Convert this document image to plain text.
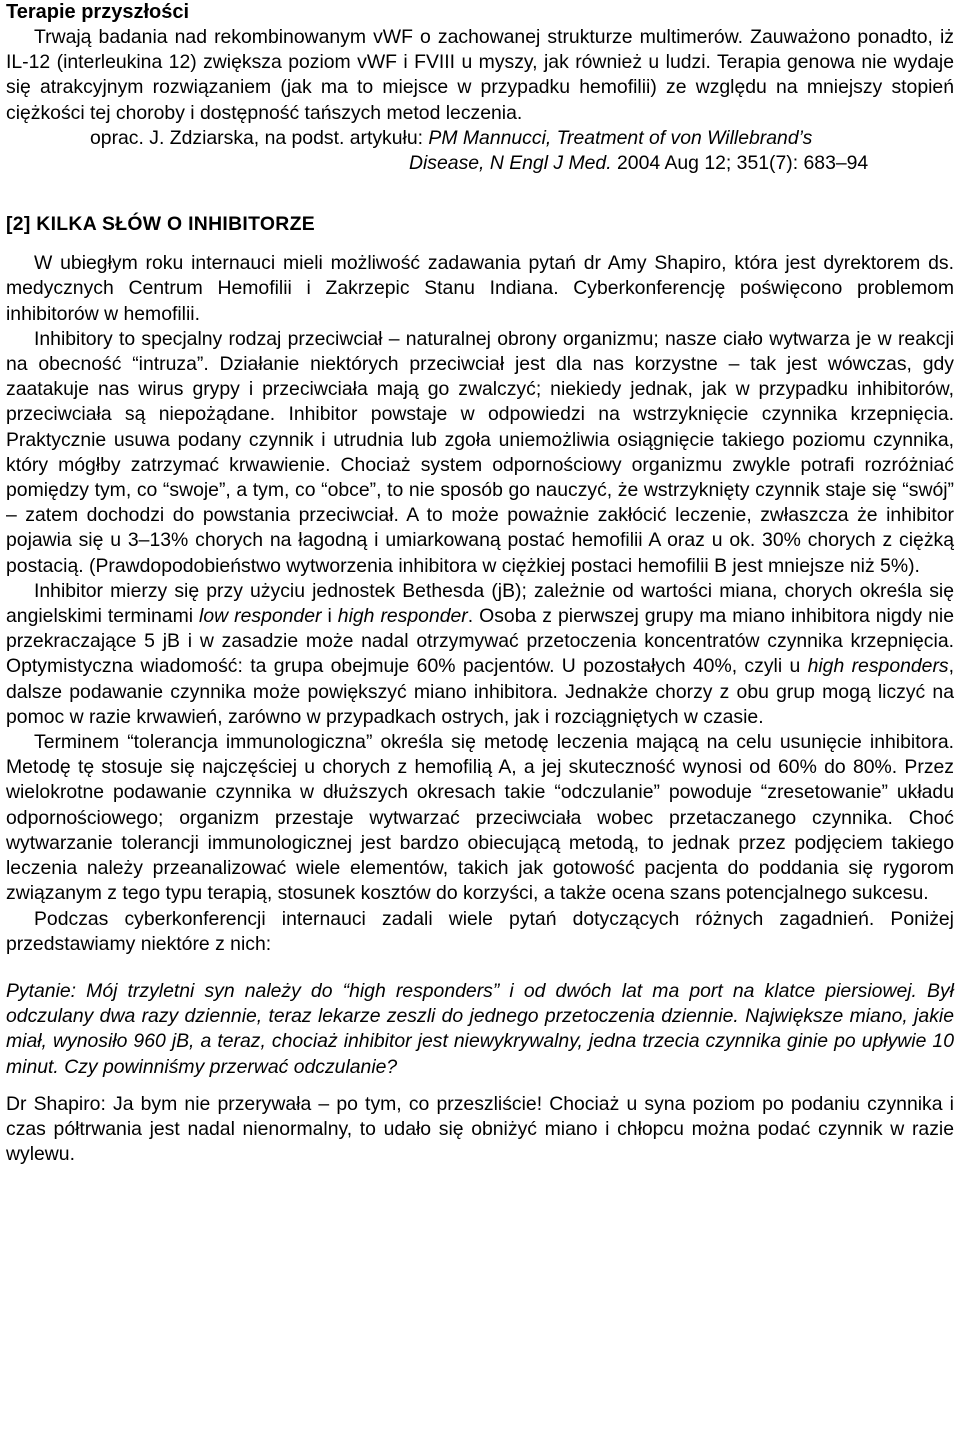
Terapie przyszłości

Trwają badania nad rekombinowanym vWF o zachowanej strukturze multimerów. Zauważono ponadto, iż IL-12 (interleukina 12) zwiększa poziom vWF i FVIII u myszy, jak również u ludzi. Terapia genowa nie wydaje się atrakcyjnym rozwiązaniem (jak ma to miejsce w przypadku hemofilii) ze względu na mniejszy stopień ciężkości tej choroby i dostępność tańszych metod leczenia.

oprac. J. Zdziarska, na podst. artykułu: PM Mannucci, Treatment of von Willebrand’s

Disease, N Engl J Med. 2004 Aug 12; 351(7): 683–94

[2] KILKA SŁÓW O INHIBITORZE

W ubiegłym roku internauci mieli możliwość zadawania pytań dr Amy Shapiro, która jest dyrektorem ds. medycznych Centrum Hemofilii i Zakrzepic Stanu Indiana. Cyberkonferencję poświęcono problemom inhibitorów w hemofilii.

Inhibitory to specjalny rodzaj przeciwciał – naturalnej obrony organizmu; nasze ciało wytwarza je w reakcji na obecność “intruza”. Działanie niektórych przeciwciał jest dla nas korzystne – tak jest wówczas, gdy zaatakuje nas wirus grypy i przeciwciała mają go zwalczyć; niekiedy jednak, jak w przypadku inhibitorów, przeciwciała są niepożądane. Inhibitor powstaje w odpowiedzi na wstrzyknięcie czynnika krzepnięcia. Praktycznie usuwa podany czynnik i utrudnia lub zgoła uniemożliwia osiągnięcie takiego poziomu czynnika, który mógłby zatrzymać krwawienie. Chociaż system odpornościowy organizmu zwykle potrafi rozróżniać pomiędzy tym, co “swoje”, a tym, co “obce”, to nie sposób go nauczyć, że wstrzyknięty czynnik staje się “swój” – zatem dochodzi do powstania przeciwciał. A to może poważnie zakłócić leczenie, zwłaszcza że inhibitor pojawia się u 3–13% chorych na łagodną i umiarkowaną postać hemofilii A oraz u ok. 30% chorych z ciężką postacią. (Prawdopodobieństwo wytworzenia inhibitora w ciężkiej postaci hemofilii B jest mniejsze niż 5%).

Inhibitor mierzy się przy użyciu jednostek Bethesda (jB); zależnie od wartości miana, chorych określa się angielskimi terminami low responder i high responder. Osoba z pierwszej grupy ma miano inhibitora nigdy nie przekraczające 5 jB i w zasadzie może nadal otrzymywać przetoczenia koncentratów czynnika krzepnięcia. Optymistyczna wiadomość: ta grupa obejmuje 60% pacjentów. U pozostałych 40%, czyli u high responders, dalsze podawanie czynnika może powiększyć miano inhibitora. Jednakże chorzy z obu grup mogą liczyć na pomoc w razie krwawień, zarówno w przypadkach ostrych, jak i rozciągniętych w czasie.

Terminem “tolerancja immunologiczna” określa się metodę leczenia mającą na celu usunięcie inhibitora. Metodę tę stosuje się najczęściej u chorych z hemofilią A, a jej skuteczność wynosi od 60% do 80%. Przez wielokrotne podawanie czynnika w dłuższych okresach takie “odczulanie” powoduje “zresetowanie” układu odpornościowego; organizm przestaje wytwarzać przeciwciała wobec przetaczanego czynnika. Choć wytwarzanie tolerancji immunologicznej jest bardzo obiecującą metodą, to jednak przez podjęciem takiego leczenia należy przeanalizować wiele elementów, takich jak gotowość pacjenta do poddania się rygorom związanym z tego typu terapią, stosunek kosztów do korzyści, a także ocena szans potencjalnego sukcesu.

Podczas cyberkonferencji internauci zadali wiele pytań dotyczących różnych zagadnień. Poniżej przedstawiamy niektóre z nich:

Pytanie: Mój trzyletni syn należy do “high responders” i od dwóch lat ma port na klatce piersiowej. Był odczulany dwa razy dziennie, teraz lekarze zeszli do jednego przetoczenia dziennie. Największe miano, jakie miał, wynosiło 960 jB, a teraz, chociaż inhibitor jest niewykrywalny, jedna trzecia czynnika ginie po upływie 10 minut. Czy powinniśmy przerwać odczulanie?

Dr Shapiro: Ja bym nie przerywała – po tym, co przeszliście! Chociaż u syna poziom po podaniu czynnika i czas półtrwania jest nadal nienormalny, to udało się obniżyć miano i chłopcu można podać czynnik w razie wylewu.
